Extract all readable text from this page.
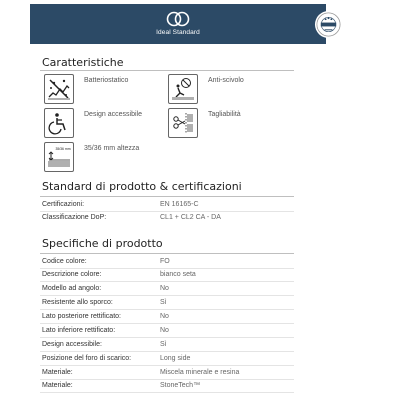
Ideal Standard
Caratteristiche
Batteriostatico	Anti-scivolo
Design accessibile	Tagliabilità
35/36 mm 35/36 mm altezza
Standard di prodotto & certificazioni
Certificazioni:	EN 16165-C
Classificazione DoP:	CL1 + CL2 CA - DA
Specifiche di prodotto
Codice colore:	FO
Descrizione colore:	bianco seta
Modello ad angolo:	No
Resistente allo sporco:	Sì
Lato posteriore rettificato:	No
Lato inferiore rettificato:	No
Design accessibile:	Sì
Posizione del foro di scarico:	Long side
Materiale:	Miscela minerale e resina
Materiale:	StoneTech™
